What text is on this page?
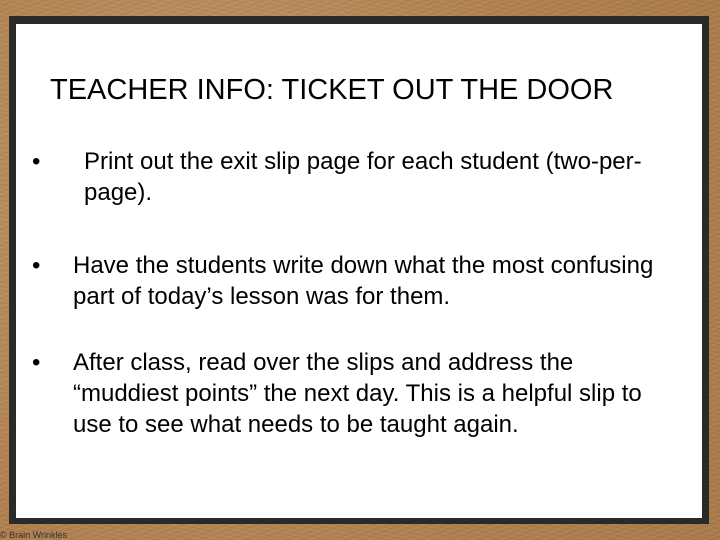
TEACHER INFO: TICKET OUT THE DOOR
• Print out the exit slip page for each student (two-per-page).
• Have the students write down what the most confusing part of today’s lesson was for them.
• After class, read over the slips and address the “muddiest points” the next day. This is a helpful slip to use to see what needs to be taught again.
© Brain Wrinkles
